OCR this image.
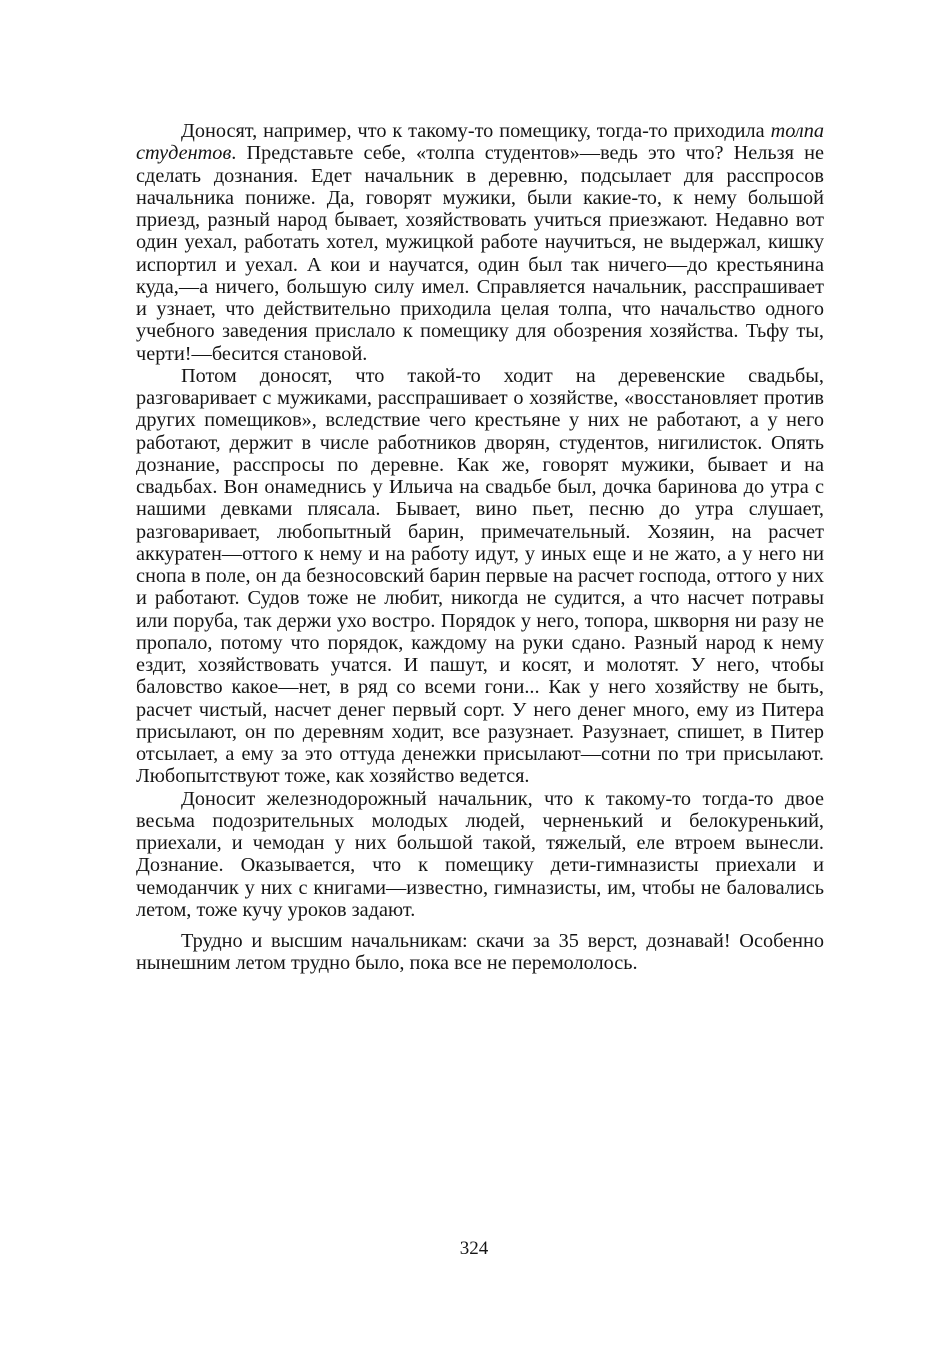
Доносят, например, что к такому-то помещику, тогда-то приходила толпа студентов. Представьте себе, «толпа студентов»—ведь это что? Нельзя не сделать дознания. Едет начальник в деревню, подсылает для расспросов начальника пониже. Да, говорят мужики, были какие-то, к нему большой приезд, разный народ бывает, хозяйствовать учиться приезжают. Недавно вот один уехал, работать хотел, мужицкой работе научиться, не выдержал, кишку испортил и уехал. А кои и научатся, один был так ничего—до крестьянина куда,—а ничего, большую силу имел. Справляется начальник, расспрашивает и узнает, что действительно приходила целая толпа, что начальство одного учебного заведения прислало к помещику для обозрения хозяйства. Тьфу ты, черти!—бесится становой.

Потом доносят, что такой-то ходит на деревенские свадьбы, разговаривает с мужиками, расспрашивает о хозяйстве, «восстановляет против других помещиков», вследствие чего крестьяне у них не работают, а у него работают, держит в числе работников дворян, студентов, нигилисток. Опять дознание, расспросы по деревне. Как же, говорят мужики, бывает и на свадьбах. Вон онамеднись у Ильича на свадьбе был, дочка баринова до утра с нашими девками плясала. Бывает, вино пьет, песню до утра слушает, разговаривает, любопытный барин, примечательный. Хозяин, на расчет аккуратен—оттого к нему и на работу идут, у иных еще и не жато, а у него ни снопа в поле, он да безносовский барин первые на расчет господа, оттого у них и работают. Судов тоже не любит, никогда не судится, а что насчет потравы или поруба, так держи ухо востро. Порядок у него, топора, шкворня ни разу не пропало, потому что порядок, каждому на руки сдано. Разный народ к нему ездит, хозяйствовать учатся. И пашут, и косят, и молотят. У него, чтобы баловство какое—нет, в ряд со всеми гони... Как у него хозяйству не быть, расчет чистый, насчет денег первый сорт. У него денег много, ему из Питера присылают, он по деревням ходит, все разузнает. Разузнает, спишет, в Питер отсылает, а ему за это оттуда денежки присылают—сотни по три присылают. Любопытствуют тоже, как хозяйство ведется.

Доносит железнодорожный начальник, что к такому-то тогда-то двое весьма подозрительных молодых людей, черненький и белокуренький, приехали, и чемодан у них большой такой, тяжелый, еле втроем вынесли. Дознание. Оказывается, что к помещику дети-гимназисты приехали и чемоданчик у них с книгами—известно, гимназисты, им, чтобы не баловались летом, тоже кучу уроков задают.

Трудно и высшим начальникам: скачи за 35 верст, дознавай! Особенно нынешним летом трудно было, пока все не перемололось.

324
